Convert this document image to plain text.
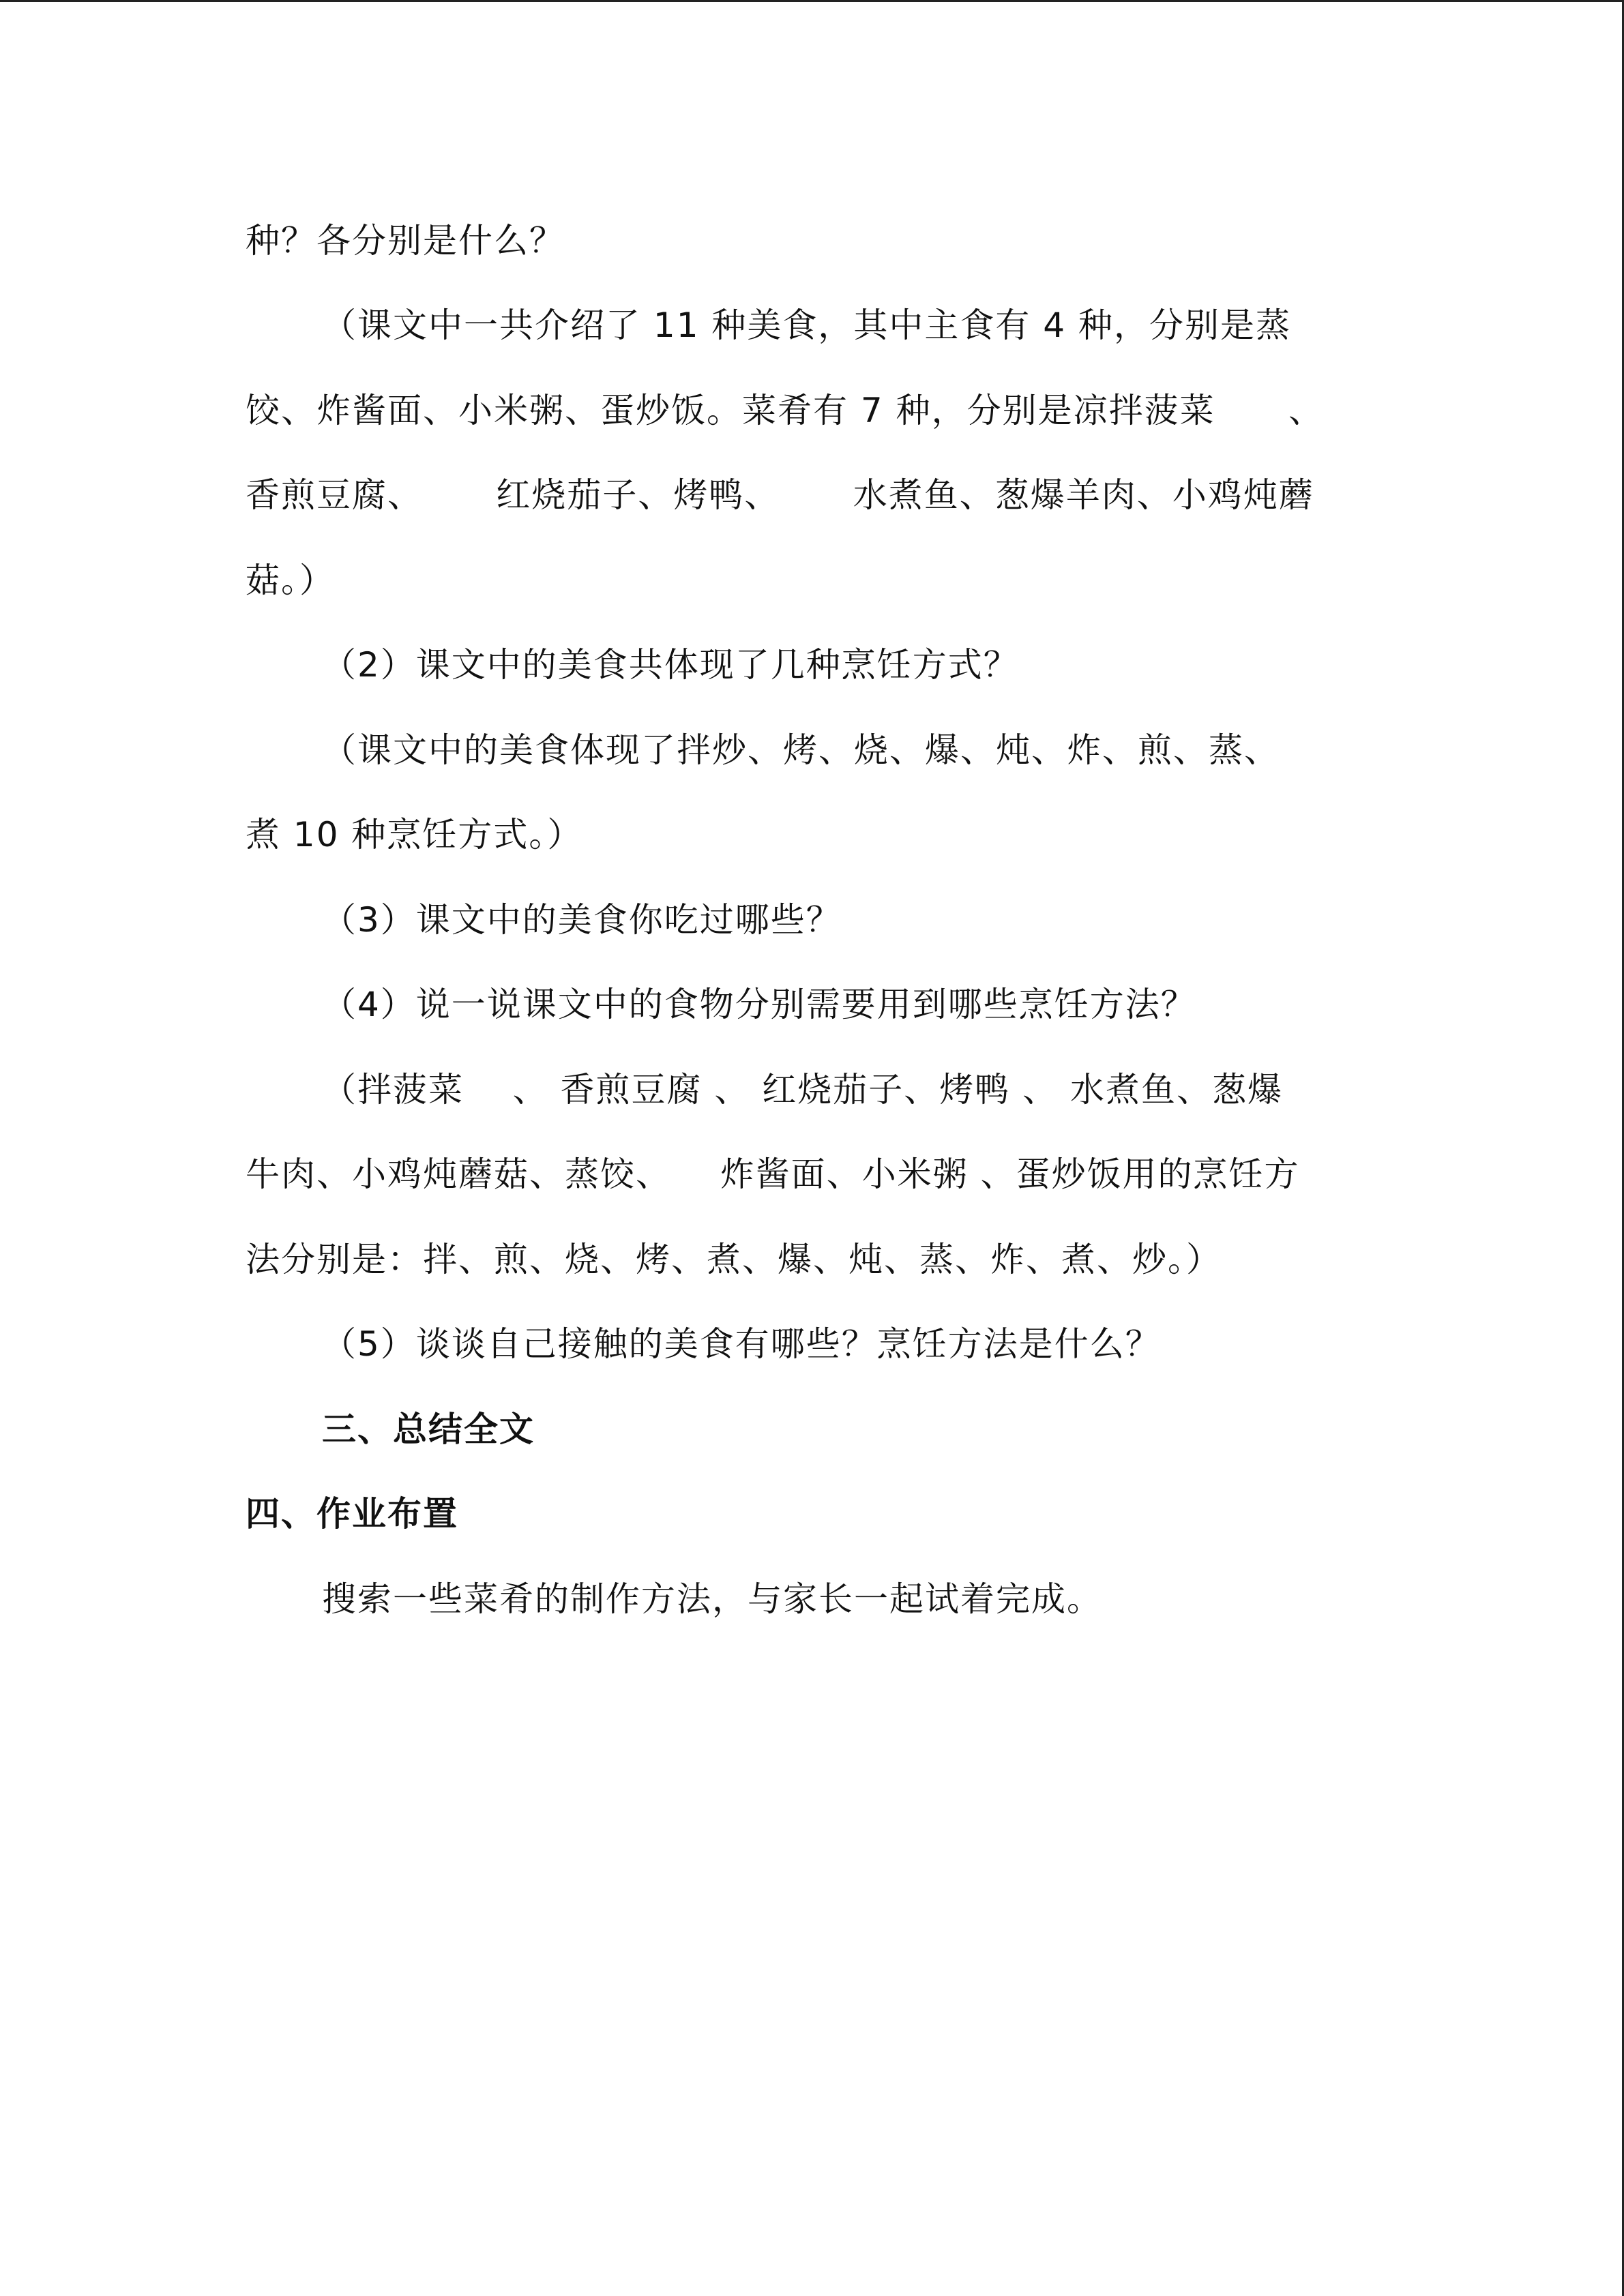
种？各分别是什么？
（课文中一共介绍了 11 种美食，其中主食有 4 种，分别是蒸
饺、炸酱面、小米粥、蛋炒饭。菜肴有 7 种，分别是凉拌菠菜      、
香煎豆腐、      红烧茄子、烤鸭、      水煮鱼、葱爆羊肉、小鸡炖蘑
菇。）
（2）课文中的美食共体现了几种烹饪方式？
（课文中的美食体现了拌炒、烤、烧、爆、炖、炸、煎、蒸、
煮 10 种烹饪方式。）
（3）课文中的美食你吃过哪些？
（4）说一说课文中的食物分别需要用到哪些烹饪方法？
（拌菠菜    、 香煎豆腐 、 红烧茄子、烤鸭 、 水煮鱼、葱爆
牛肉、小鸡炖蘑菇、蒸饺、    炸酱面、小米粥 、蛋炒饭用的烹饪方
法分别是：拌、煎、烧、烤、煮、爆、炖、蒸、炸、煮、炒。）
（5）谈谈自己接触的美食有哪些？烹饪方法是什么？
三、总结全文
四、作业布置
搜索一些菜肴的制作方法，与家长一起试着完成。
